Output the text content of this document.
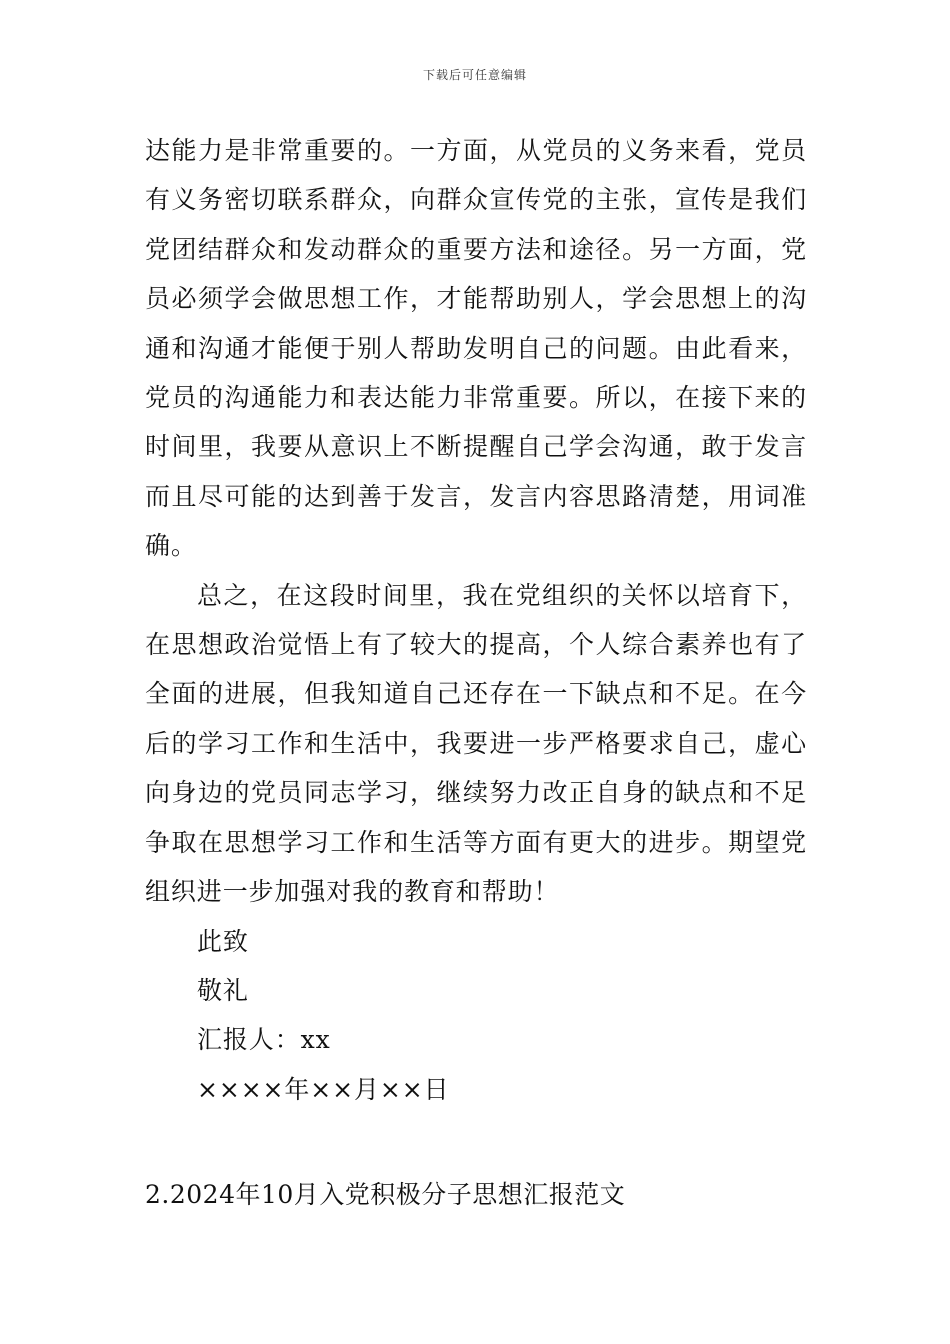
下载后可任意编辑

达能力是非常重要的。一方面，从党员的义务来看，党员有义务密切联系群众，向群众宣传党的主张，宣传是我们党团结群众和发动群众的重要方法和途径。另一方面，党员必须学会做思想工作，才能帮助别人，学会思想上的沟通和沟通才能便于别人帮助发明自己的问题。由此看来，党员的沟通能力和表达能力非常重要。所以，在接下来的时间里，我要从意识上不断提醒自己学会沟通，敢于发言而且尽可能的达到善于发言，发言内容思路清楚，用词准确。

总之，在这段时间里，我在党组织的关怀以培育下，在思想政治觉悟上有了较大的提高，个人综合素养也有了全面的进展，但我知道自己还存在一下缺点和不足。在今后的学习工作和生活中，我要进一步严格要求自己，虚心向身边的党员同志学习，继续努力改正自身的缺点和不足争取在思想学习工作和生活等方面有更大的进步。期望党组织进一步加强对我的教育和帮助！

此致

敬礼

汇报人：xx

××××年××月××日

2.2024年10月入党积极分子思想汇报范文
